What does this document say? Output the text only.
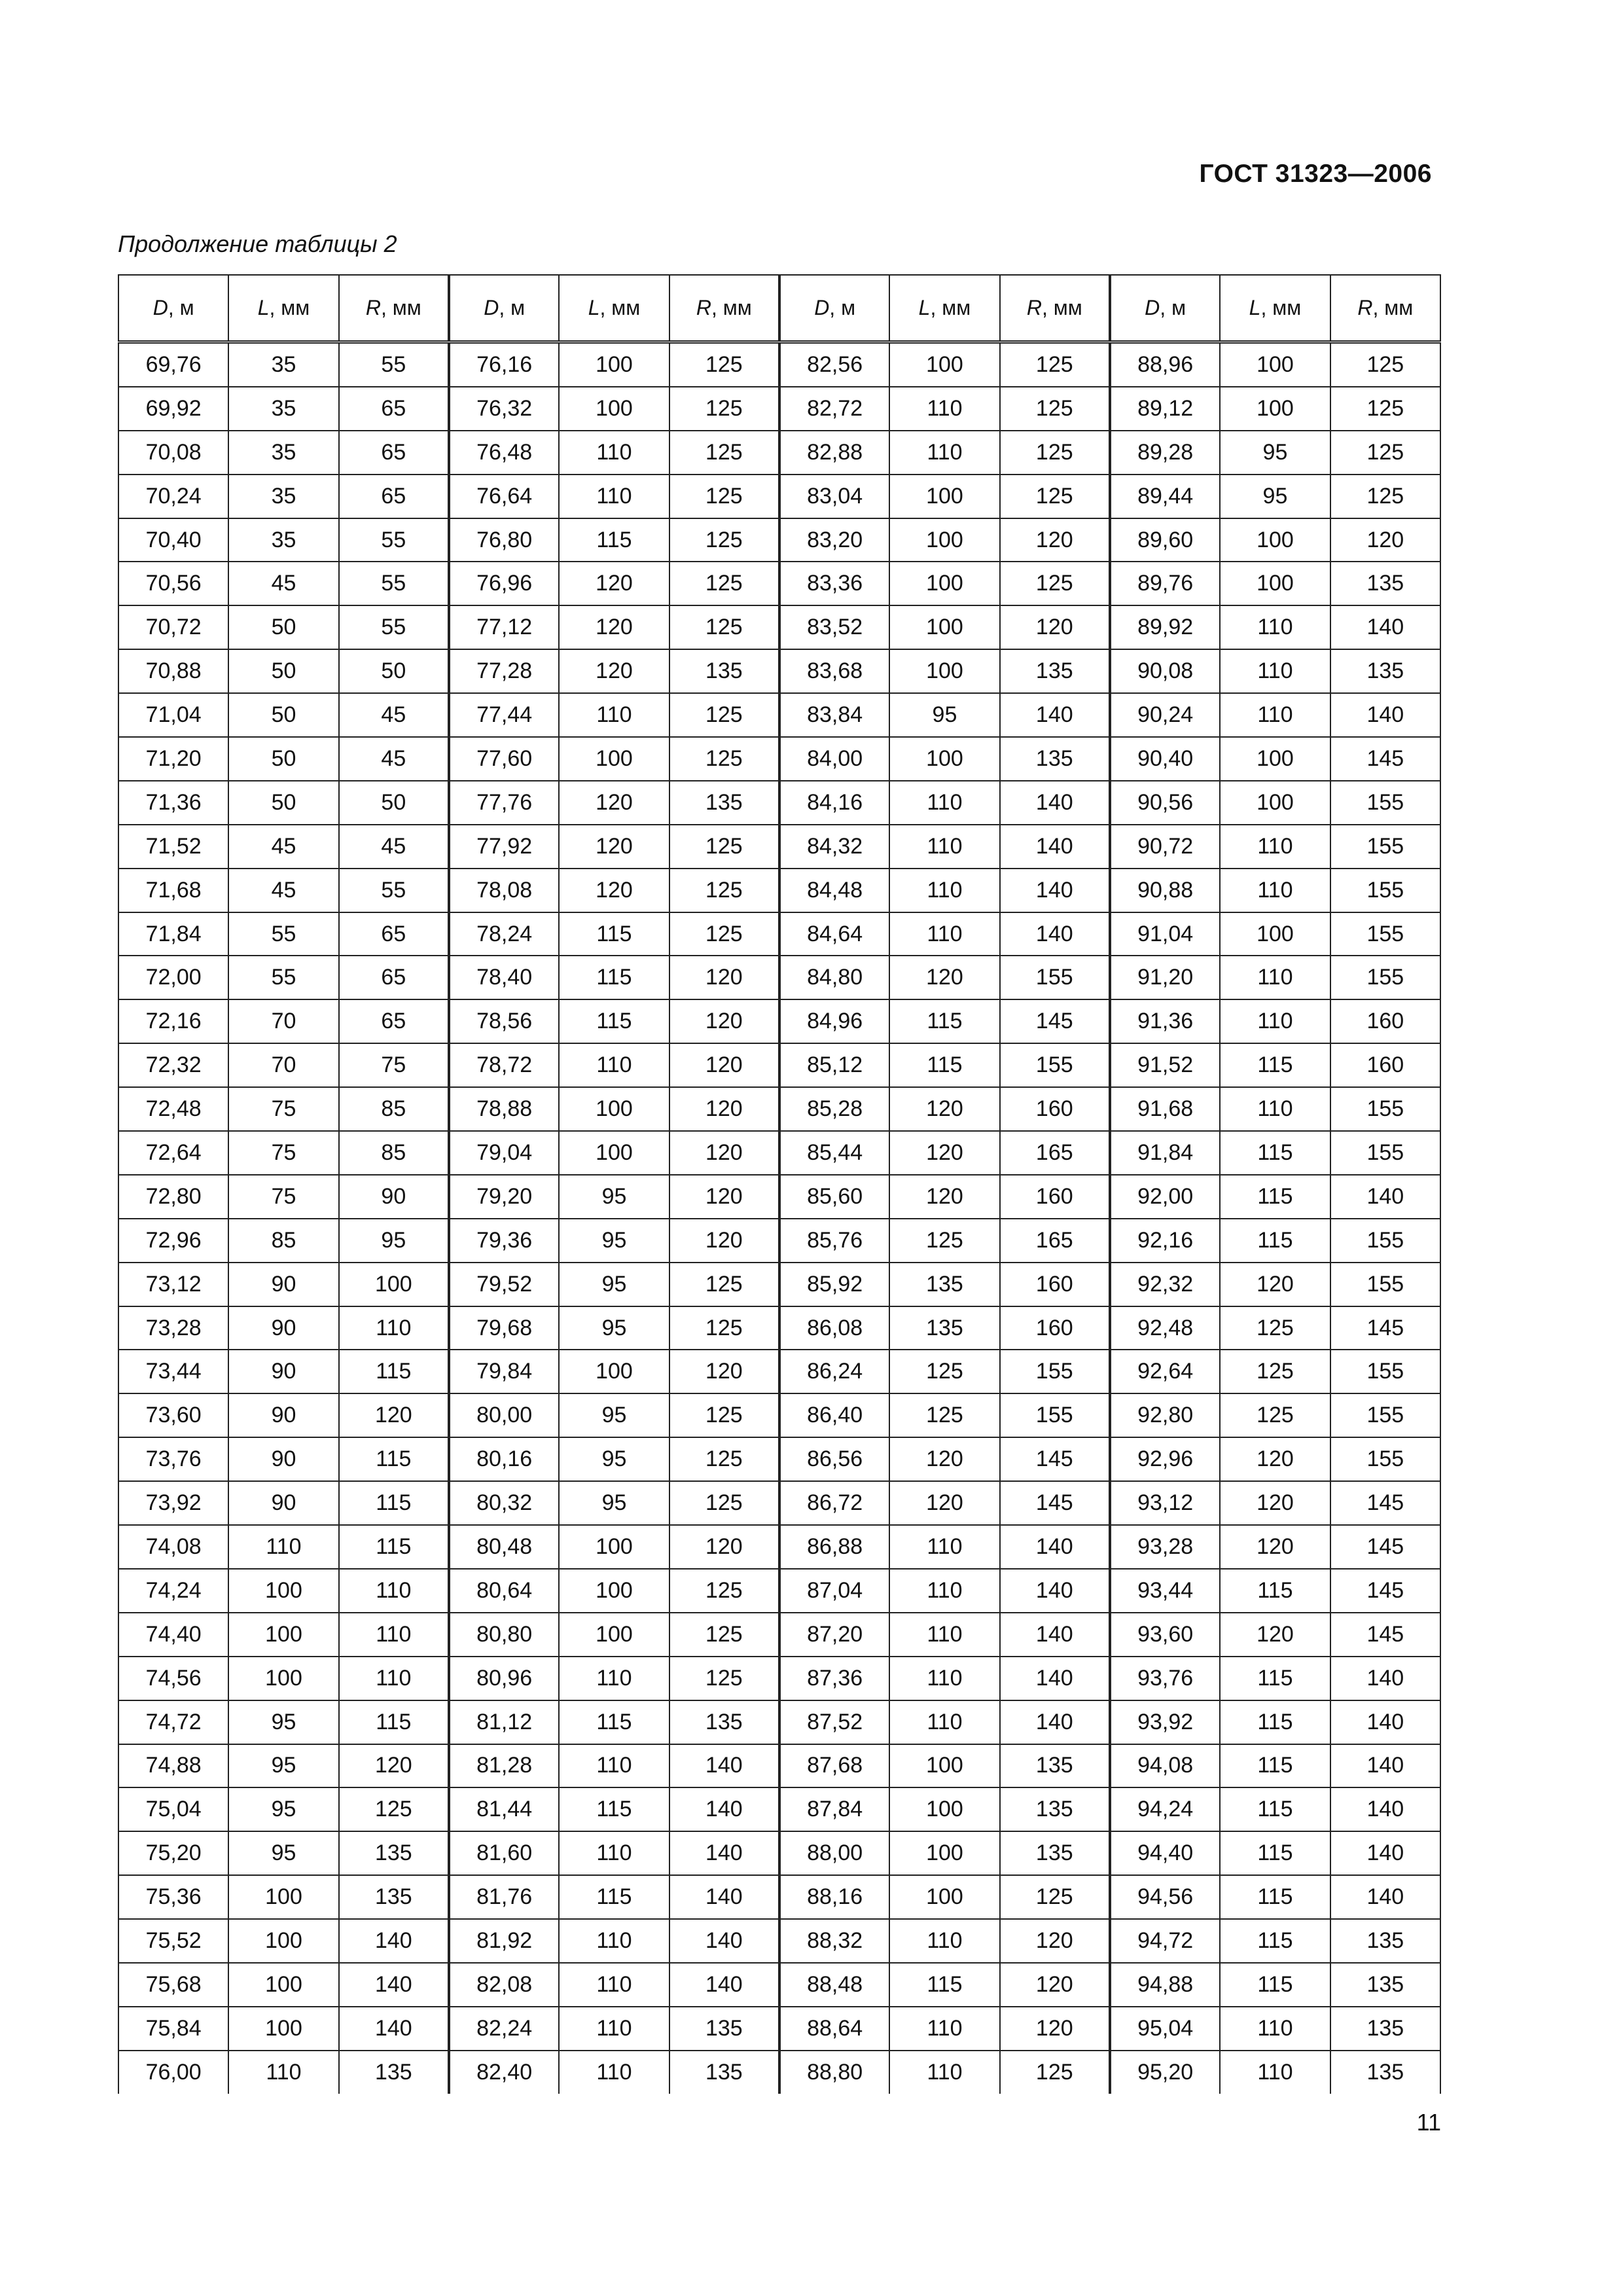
ГОСТ 31323—2006
Продолжение таблицы 2
D, м	L, мм	R, мм	D, м	L, мм	R, мм	D, м	L, мм	R, мм	D, м	L, мм	R, мм
69,76	35	55	76,16	100	125	82,56	100	125	88,96	100	125
69,92	35	65	76,32	100	125	82,72	110	125	89,12	100	125
70,08	35	65	76,48	110	125	82,88	110	125	89,28	95	125
70,24	35	65	76,64	110	125	83,04	100	125	89,44	95	125
70,40	35	55	76,80	115	125	83,20	100	120	89,60	100	120
70,56	45	55	76,96	120	125	83,36	100	125	89,76	100	135
70,72	50	55	77,12	120	125	83,52	100	120	89,92	110	140
70,88	50	50	77,28	120	135	83,68	100	135	90,08	110	135
71,04	50	45	77,44	110	125	83,84	95	140	90,24	110	140
71,20	50	45	77,60	100	125	84,00	100	135	90,40	100	145
71,36	50	50	77,76	120	135	84,16	110	140	90,56	100	155
71,52	45	45	77,92	120	125	84,32	110	140	90,72	110	155
71,68	45	55	78,08	120	125	84,48	110	140	90,88	110	155
71,84	55	65	78,24	115	125	84,64	110	140	91,04	100	155
72,00	55	65	78,40	115	120	84,80	120	155	91,20	110	155
72,16	70	65	78,56	115	120	84,96	115	145	91,36	110	160
72,32	70	75	78,72	110	120	85,12	115	155	91,52	115	160
72,48	75	85	78,88	100	120	85,28	120	160	91,68	110	155
72,64	75	85	79,04	100	120	85,44	120	165	91,84	115	155
72,80	75	90	79,20	95	120	85,60	120	160	92,00	115	140
72,96	85	95	79,36	95	120	85,76	125	165	92,16	115	155
73,12	90	100	79,52	95	125	85,92	135	160	92,32	120	155
73,28	90	110	79,68	95	125	86,08	135	160	92,48	125	145
73,44	90	115	79,84	100	120	86,24	125	155	92,64	125	155
73,60	90	120	80,00	95	125	86,40	125	155	92,80	125	155
73,76	90	115	80,16	95	125	86,56	120	145	92,96	120	155
73,92	90	115	80,32	95	125	86,72	120	145	93,12	120	145
74,08	110	115	80,48	100	120	86,88	110	140	93,28	120	145
74,24	100	110	80,64	100	125	87,04	110	140	93,44	115	145
74,40	100	110	80,80	100	125	87,20	110	140	93,60	120	145
74,56	100	110	80,96	110	125	87,36	110	140	93,76	115	140
74,72	95	115	81,12	115	135	87,52	110	140	93,92	115	140
74,88	95	120	81,28	110	140	87,68	100	135	94,08	115	140
75,04	95	125	81,44	115	140	87,84	100	135	94,24	115	140
75,20	95	135	81,60	110	140	88,00	100	135	94,40	115	140
75,36	100	135	81,76	115	140	88,16	100	125	94,56	115	140
75,52	100	140	81,92	110	140	88,32	110	120	94,72	115	135
75,68	100	140	82,08	110	140	88,48	115	120	94,88	115	135
75,84	100	140	82,24	110	135	88,64	110	120	95,04	110	135
76,00	110	135	82,40	110	135	88,80	110	125	95,20	110	135
11
